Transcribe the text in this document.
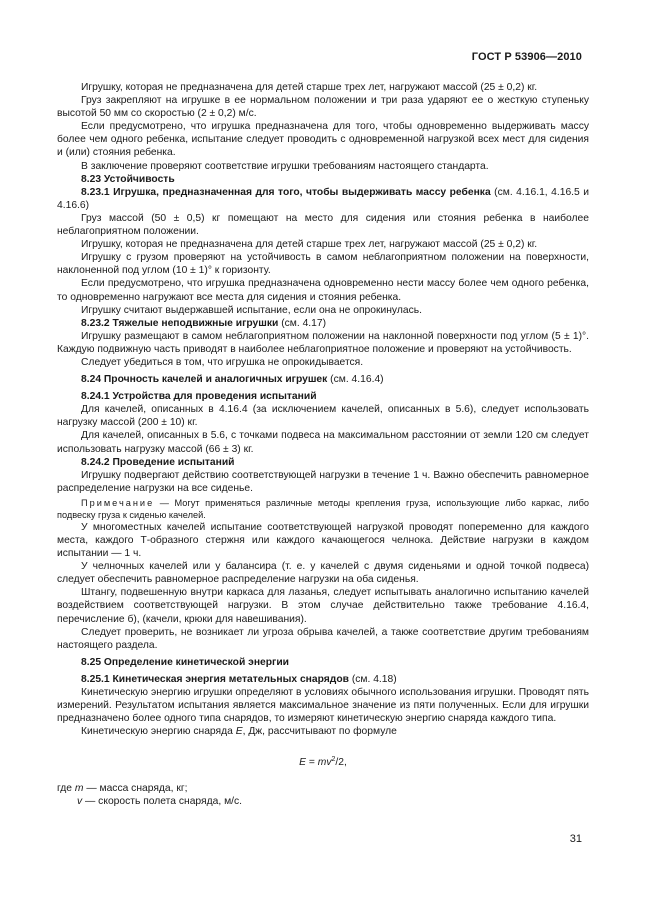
ГОСТ Р 53906—2010

Игрушку, которая не предназначена для детей старше трех лет, нагружают массой (25 ± 0,2) кг.

Груз закрепляют на игрушке в ее нормальном положении и три раза ударяют ее о жесткую ступеньку высотой 50 мм со скоростью (2 ± 0,2) м/с.

Если предусмотрено, что игрушка предназначена для того, чтобы одновременно выдерживать массу более чем одного ребенка, испытание следует проводить с одновременной нагрузкой всех мест для сидения и (или) стояния ребенка.

В заключение проверяют соответствие игрушки требованиям настоящего стандарта.

8.23 Устойчивость

8.23.1 Игрушка, предназначенная для того, чтобы выдерживать массу ребенка (см. 4.16.1, 4.16.5 и 4.16.6)

Груз массой (50 ± 0,5) кг помещают на место для сидения или стояния ребенка в наиболее неблагоприятном положении.

Игрушку, которая не предназначена для детей старше трех лет, нагружают массой (25 ± 0,2) кг.

Игрушку с грузом проверяют на устойчивость в самом неблагоприятном положении на поверхности, наклоненной под углом (10 ± 1)° к горизонту.

Если предусмотрено, что игрушка предназначена одновременно нести массу более чем одного ребенка, то одновременно нагружают все места для сидения и стояния ребенка.

Игрушку считают выдержавшей испытание, если она не опрокинулась.

8.23.2 Тяжелые неподвижные игрушки (см. 4.17)

Игрушку размещают в самом неблагоприятном положении на наклонной поверхности под углом (5 ± 1)°. Каждую подвижную часть приводят в наиболее неблагоприятное положение и проверяют на устойчивость.

Следует убедиться в том, что игрушка не опрокидывается.

8.24 Прочность качелей и аналогичных игрушек (см. 4.16.4)

8.24.1 Устройства для проведения испытаний

Для качелей, описанных в 4.16.4 (за исключением качелей, описанных в 5.6), следует использовать нагрузку массой (200 ± 10) кг.

Для качелей, описанных в 5.6, с точками подвеса на максимальном расстоянии от земли 120 см следует использовать нагрузку массой (66 ± 3) кг.

8.24.2 Проведение испытаний

Игрушку подвергают действию соответствующей нагрузки в течение 1 ч. Важно обеспечить равномерное распределение нагрузки на все сиденье.

Примечание — Могут применяться различные методы крепления груза, использующие либо каркас, либо подвеску груза к сиденью качелей.

У многоместных качелей испытание соответствующей нагрузкой проводят попеременно для каждого места, каждого Т-образного стержня или каждого качающегося челнока. Действие нагрузки в каждом испытании — 1 ч.

У челночных качелей или у балансира (т. е. у качелей с двумя сиденьями и одной точкой подвеса) следует обеспечить равномерное распределение нагрузки на оба сиденья.

Штангу, подвешенную внутри каркаса для лазанья, следует испытывать аналогично испытанию качелей воздействием соответствующей нагрузки. В этом случае действительно также требование 4.16.4, перечисление б), (качели, крюки для навешивания).

Следует проверить, не возникает ли угроза обрыва качелей, а также соответствие другим требованиям настоящего раздела.

8.25 Определение кинетической энергии

8.25.1 Кинетическая энергия метательных снарядов (см. 4.18)

Кинетическую энергию игрушки определяют в условиях обычного использования игрушки. Проводят пять измерений. Результатом испытания является максимальное значение из пяти полученных. Если для игрушки предназначено более одного типа снарядов, то измеряют кинетическую энергию снаряда каждого типа.

Кинетическую энергию снаряда E, Дж, рассчитывают по формуле

$E = mv^2/2$,

где m — масса снаряда, кг;

v — скорость полета снаряда, м/с.

31
